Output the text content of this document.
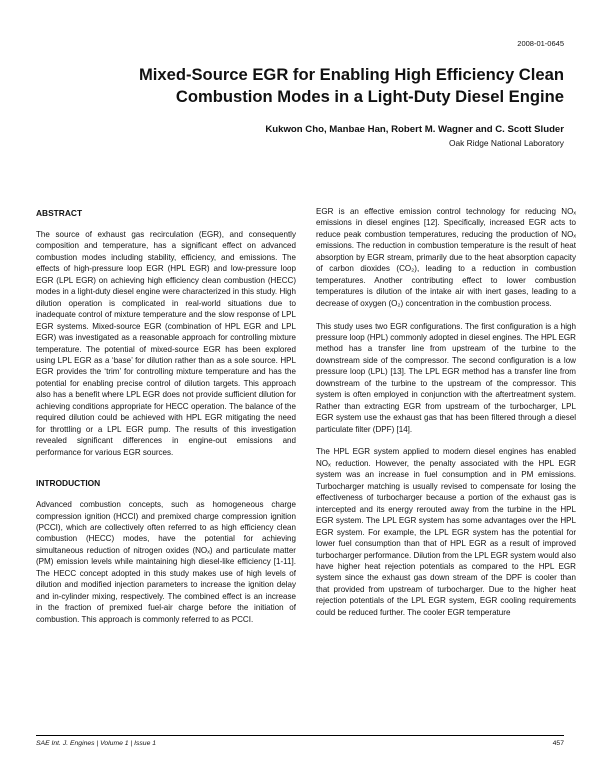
2008-01-0645
Mixed-Source EGR for Enabling High Efficiency Clean
Combustion Modes in a Light-Duty Diesel Engine
Kukwon Cho, Manbae Han, Robert M. Wagner and C. Scott Sluder
Oak Ridge National Laboratory
ABSTRACT

The source of exhaust gas recirculation (EGR), and consequently composition and temperature, has a significant effect on advanced combustion modes including stability, efficiency, and emissions. The effects of high-pressure loop EGR (HPL EGR) and low-pressure loop EGR (LPL EGR) on achieving high efficiency clean combustion (HECC) modes in a light-duty diesel engine were characterized in this study. High dilution operation is complicated in real-world situations due to inadequate control of mixture temperature and the slow response of LPL EGR systems. Mixed-source EGR (combination of HPL EGR and LPL EGR) was investigated as a reasonable approach for controlling mixture temperature. The potential of mixed-source EGR has been explored using LPL EGR as a ‘base’ for dilution rather than as a sole source. HPL EGR provides the ‘trim’ for controlling mixture temperature and has the potential for enabling precise control of dilution targets. This approach also has a benefit where LPL EGR does not provide sufficient dilution for achieving conditions appropriate for HECC operation. The balance of the required dilution could be achieved with HPL EGR mitigating the need for throttling or a LPL EGR pump. The results of this investigation revealed significant differences in engine-out emissions and performance for various EGR sources.

INTRODUCTION

Advanced combustion concepts, such as homogeneous charge compression ignition (HCCI) and premixed charge compression ignition (PCCI), which are collectively often referred to as high efficiency clean combustion (HECC) modes, have the potential for achieving simultaneous reduction of nitrogen oxides (NOₓ) and particulate matter (PM) emission levels while maintaining high diesel-like efficiency [1-11]. The HECC concept adopted in this study makes use of high levels of dilution and modified injection parameters to increase the ignition delay and in-cylinder mixing, respectively. The combined effect is an increase in the fraction of premixed fuel-air charge before the initiation of combustion. This approach is commonly referred to as PCCI.

EGR is an effective emission control technology for reducing NOₓ emissions in diesel engines [12]. Specifically, increased EGR acts to reduce peak combustion temperatures, reducing the production of NOₓ emissions. The reduction in combustion temperature is the result of heat absorption by EGR stream, primarily due to the heat absorption capacity of carbon dioxides (CO₂), leading to a reduction in combustion temperatures. Another contributing effect to lower combustion temperatures is dilution of the intake air with inert gases, leading to a decrease of oxygen (O₂) concentration in the combustion process.

This study uses two EGR configurations. The first configuration is a high pressure loop (HPL) commonly adopted in diesel engines. The HPL EGR method has a transfer line from upstream of the turbine to the downstream side of the compressor. The second configuration is a low pressure loop (LPL) [13]. The LPL EGR method has a transfer line from downstream of the turbine to the upstream of the compressor. This system is often employed in conjunction with the aftertreatment system. Rather than extracting EGR from upstream of the turbocharger, LPL EGR system use the exhaust gas that has been filtered through a diesel particulate filter (DPF) [14].

The HPL EGR system applied to modern diesel engines has enabled NOₓ reduction. However, the penalty associated with the HPL EGR system was an increase in fuel consumption and in PM emissions. Turbocharger matching is usually revised to compensate for losing the effectiveness of turbocharger because a portion of the exhaust gas is intercepted and its energy rerouted away from the turbine in the HPL EGR system. The LPL EGR system has some advantages over the HPL EGR system. For example, the LPL EGR system has the potential for lower fuel consumption than that of HPL EGR as a result of improved turbocharger performance. Dilution from the LPL EGR system would also have higher heat rejection potentials as compared to the HPL EGR system since the exhaust gas down stream of the DPF is cooler than that provided from upstream of turbocharger. Due to the higher heat rejection potentials of the LPL EGR system, EGR cooling requirements could be reduced further. The cooler EGR temperature

SAE Int. J. Engines | Volume 1 | Issue 1	457
